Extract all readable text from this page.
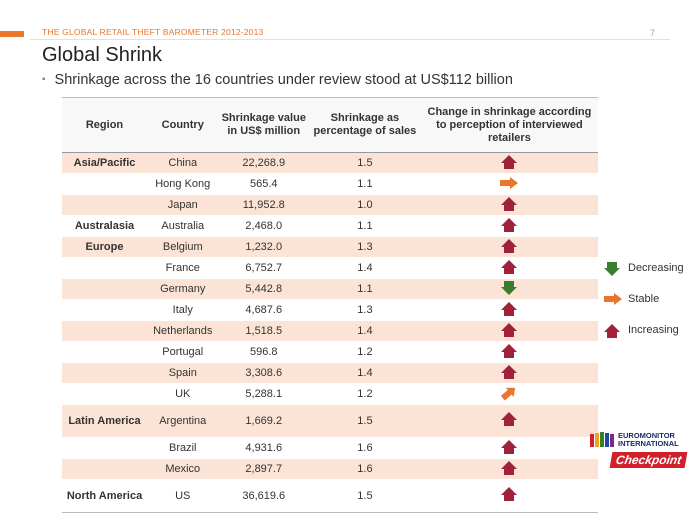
THE GLOBAL RETAIL THEFT BAROMETER 2012-2013	7
Global Shrink
▪ Shrinkage across the 16 countries under review stood at US$112 billion
Region	Country	Shrinkage value in US$ million	Shrinkage as percentage of sales	Change in shrinkage according to perception of interviewed retailers
Asia/Pacific	China	22,268.9	1.5	
	Hong Kong	565.4	1.1	
	Japan	11,952.8	1.0	
Australasia	Australia	2,468.0	1.1	
Europe	Belgium	1,232.0	1.3	
	France	6,752.7	1.4	
	Germany	5,442.8	1.1	
	Italy	4,687.6	1.3	
	Netherlands	1,518.5	1.4	
	Portugal	596.8	1.2	
	Spain	3,308.6	1.4	
	UK	5,288.1	1.2	
Latin America	Argentina	1,669.2	1.5	
	Brazil	4,931.6	1.6	
	Mexico	2,897.7	1.6	
North America	US	36,619.6	1.5	
Decreasing
Stable
Increasing
EUROMONITOR INTERNATIONAL
Checkpoint
